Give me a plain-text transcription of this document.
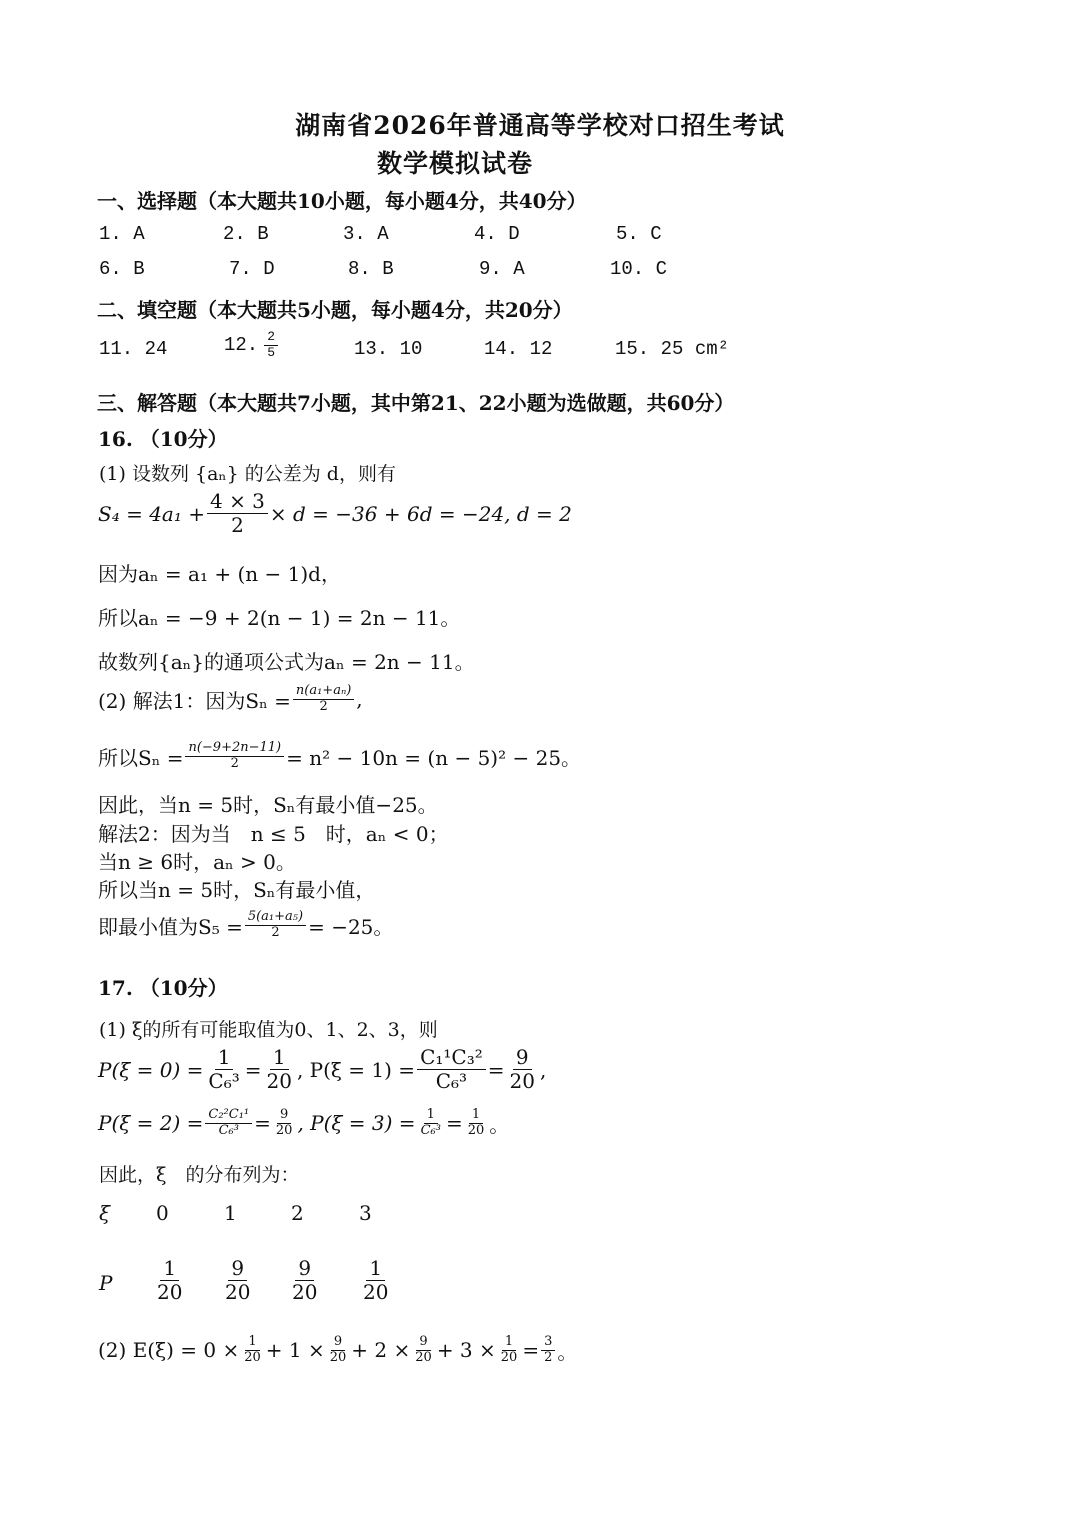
湖南省2026年普通高等学校对口招生考试
数学模拟试卷
一、选择题（本大题共10小题，每小题4分，共40分）
1. A	2. B	3. A	4. D	5. C
6. B	7. D	8. B	9. A	10. C
二、填空题（本大题共5小题，每小题4分，共20分）
11. 24	12. $\frac{2}{5}$	13. 10	14. 12	15. 25 cm²
三、解答题（本大题共7小题，其中第21、22小题为选做题，共60分）
16. （10分）
(1) 设数列 {aₙ} 的公差为 d，则有
$S_4 = 4a_1 + \frac{4 \times 3}{2} \times d = -36 + 6d = -24$, d = 2
因为aₙ = a₁ + (n − 1)d，
所以aₙ = −9 + 2(n − 1) = 2n − 11。
故数列{aₙ}的通项公式为aₙ = 2n − 11。
(2) 解法1：因为$S_n = \frac{\text{n(a₁+aₙ)}}{2}$ ,
所以$S_n = \frac{n(-9+2n-11)}{2} = n^2 - 10n = (n - 5)^2 - 25$。
因此，当n = 5时，Sₙ有最小值−25。
解法2：因为当　n ≤ 5　时，aₙ < 0；
当n ≥ 6时，aₙ > 0。
所以当n = 5时，Sₙ有最小值，
即最小值为$S_5 = \frac{\text{5(a₁+a₅)}}{2} = -25$。
17. （10分）
(1) ξ的所有可能取值为0、1、2、3，则
$P(\xi = 0) = \frac{1}{\text{C₆³}} = \frac{1}{20}$ , $P(\xi = 1) = \frac{\text{C₁¹C₃²}}{\text{C₆³}} = \frac{9}{20}$ ,
$P(\xi = 2) = \frac{\text{C₂²C₁¹}}{\text{C₆³}} = \frac{9}{20}$ , $P(\xi = 3) = \frac{1}{\text{C₆³}} = \frac{1}{20}$ 。
因此，ξ　的分布列为：
ξ 0	1	2	3
P $\frac{1}{20} \frac{9}{20} \frac{9}{20} \frac{1}{20}$
(2) $E(\xi) = 0 \times \frac{1}{20} + 1 \times \frac{9}{20} + 2 \times \frac{9}{20} + 3 \times \frac{1}{20} = \frac{3}{2}$ 。
